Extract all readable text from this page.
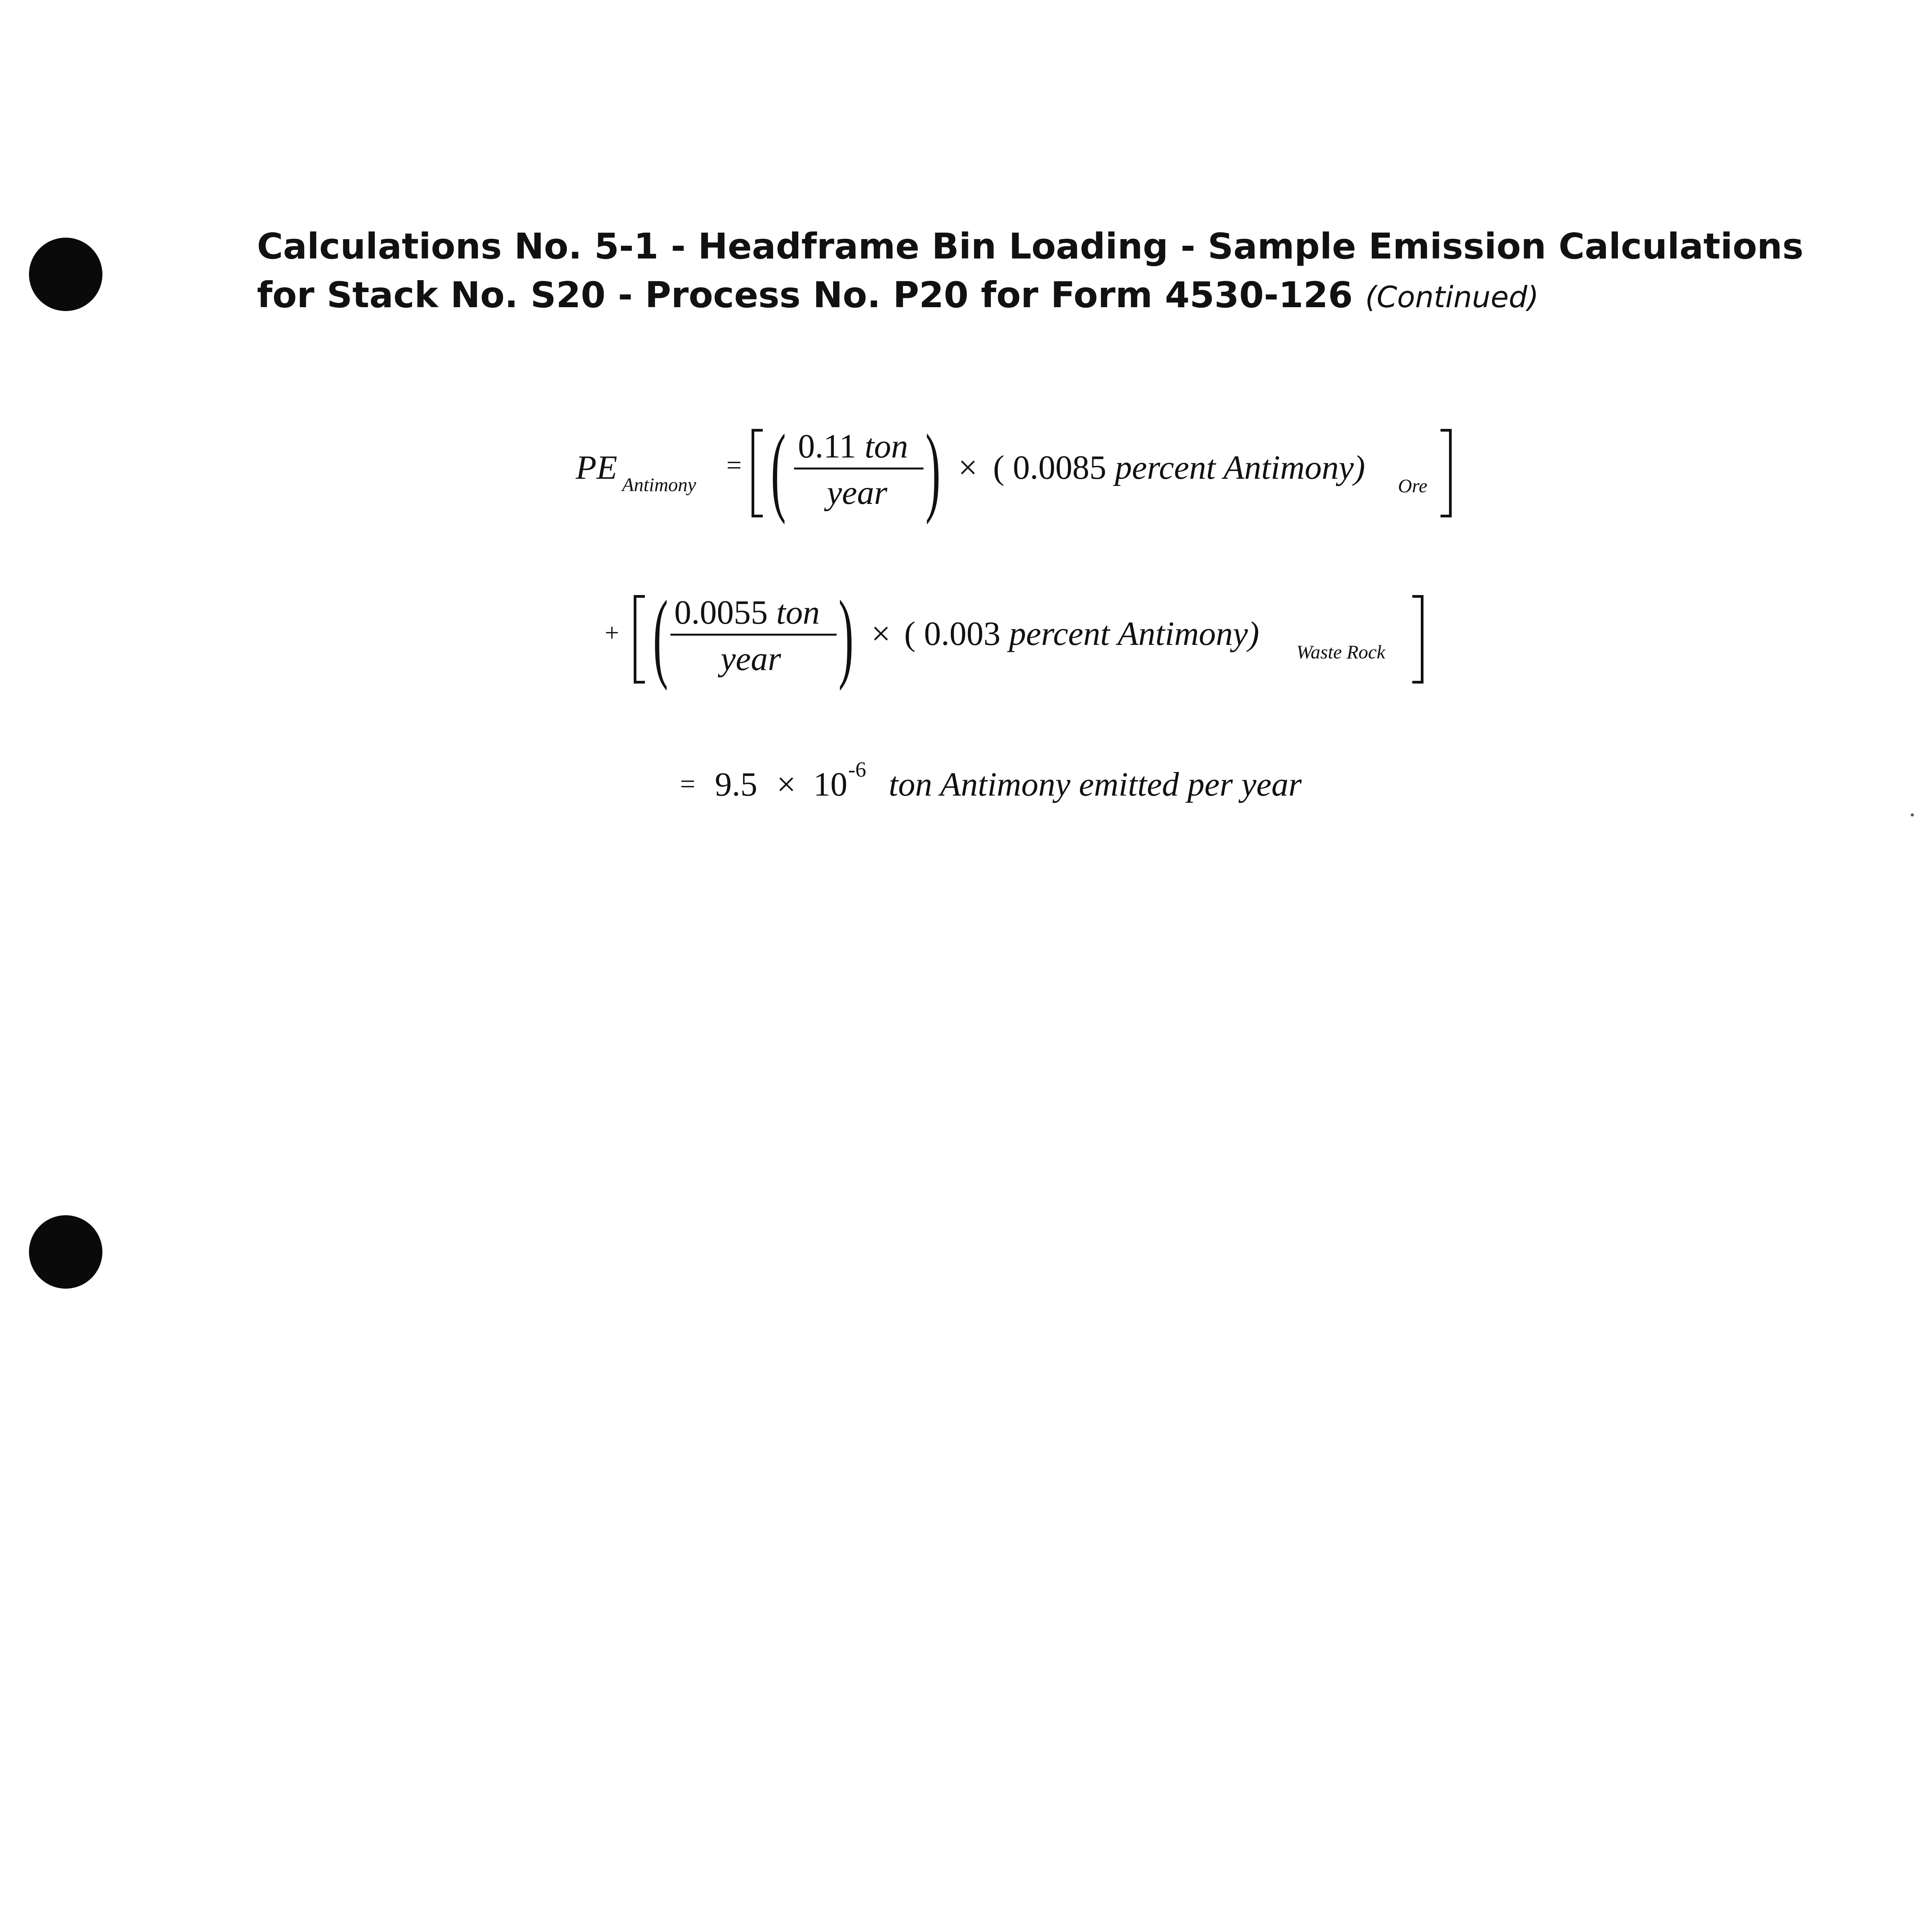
Calculations No. 5-1 - Headframe Bin Loading - Sample Emission Calculations for Stack No. S20 - Process No. P20 for Form 4530-126 (Continued)
PE Antimony
= ( 0.11 ton
year ) × ( 0.0085 percent Antimony) Ore
+ ( 0.0055 ton
year ) × ( 0.003 percent Antimony) Waste Rock
= 9.5 × 10 -6 ton Antimony emitted per year
